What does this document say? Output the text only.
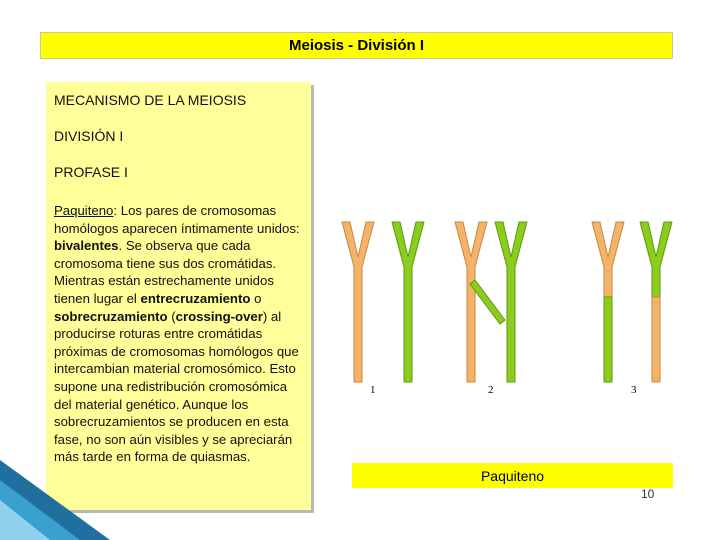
Meiosis - División I
MECANISMO DE LA MEIOSIS
DIVISIÓN I
PROFASE I
Paquiteno: Los pares de cromosomas homólogos aparecen íntimamente unidos: bivalentes. Se observa que cada cromosoma tiene sus dos cromátidas. Mientras están estrechamente unidos tienen lugar el entrecruzamiento o sobrecruzamiento (crossing-over) al producirse roturas entre cromátidas próximas de cromosomas homólogos que intercambian material cromosómico. Esto supone una redistribución cromosómica del material genético. Aunque los sobrecruzamientos se producen en esta fase, no son aún visibles y se apreciarán más tarde en forma de quiasmas.
1	2	3
Paquiteno
10
